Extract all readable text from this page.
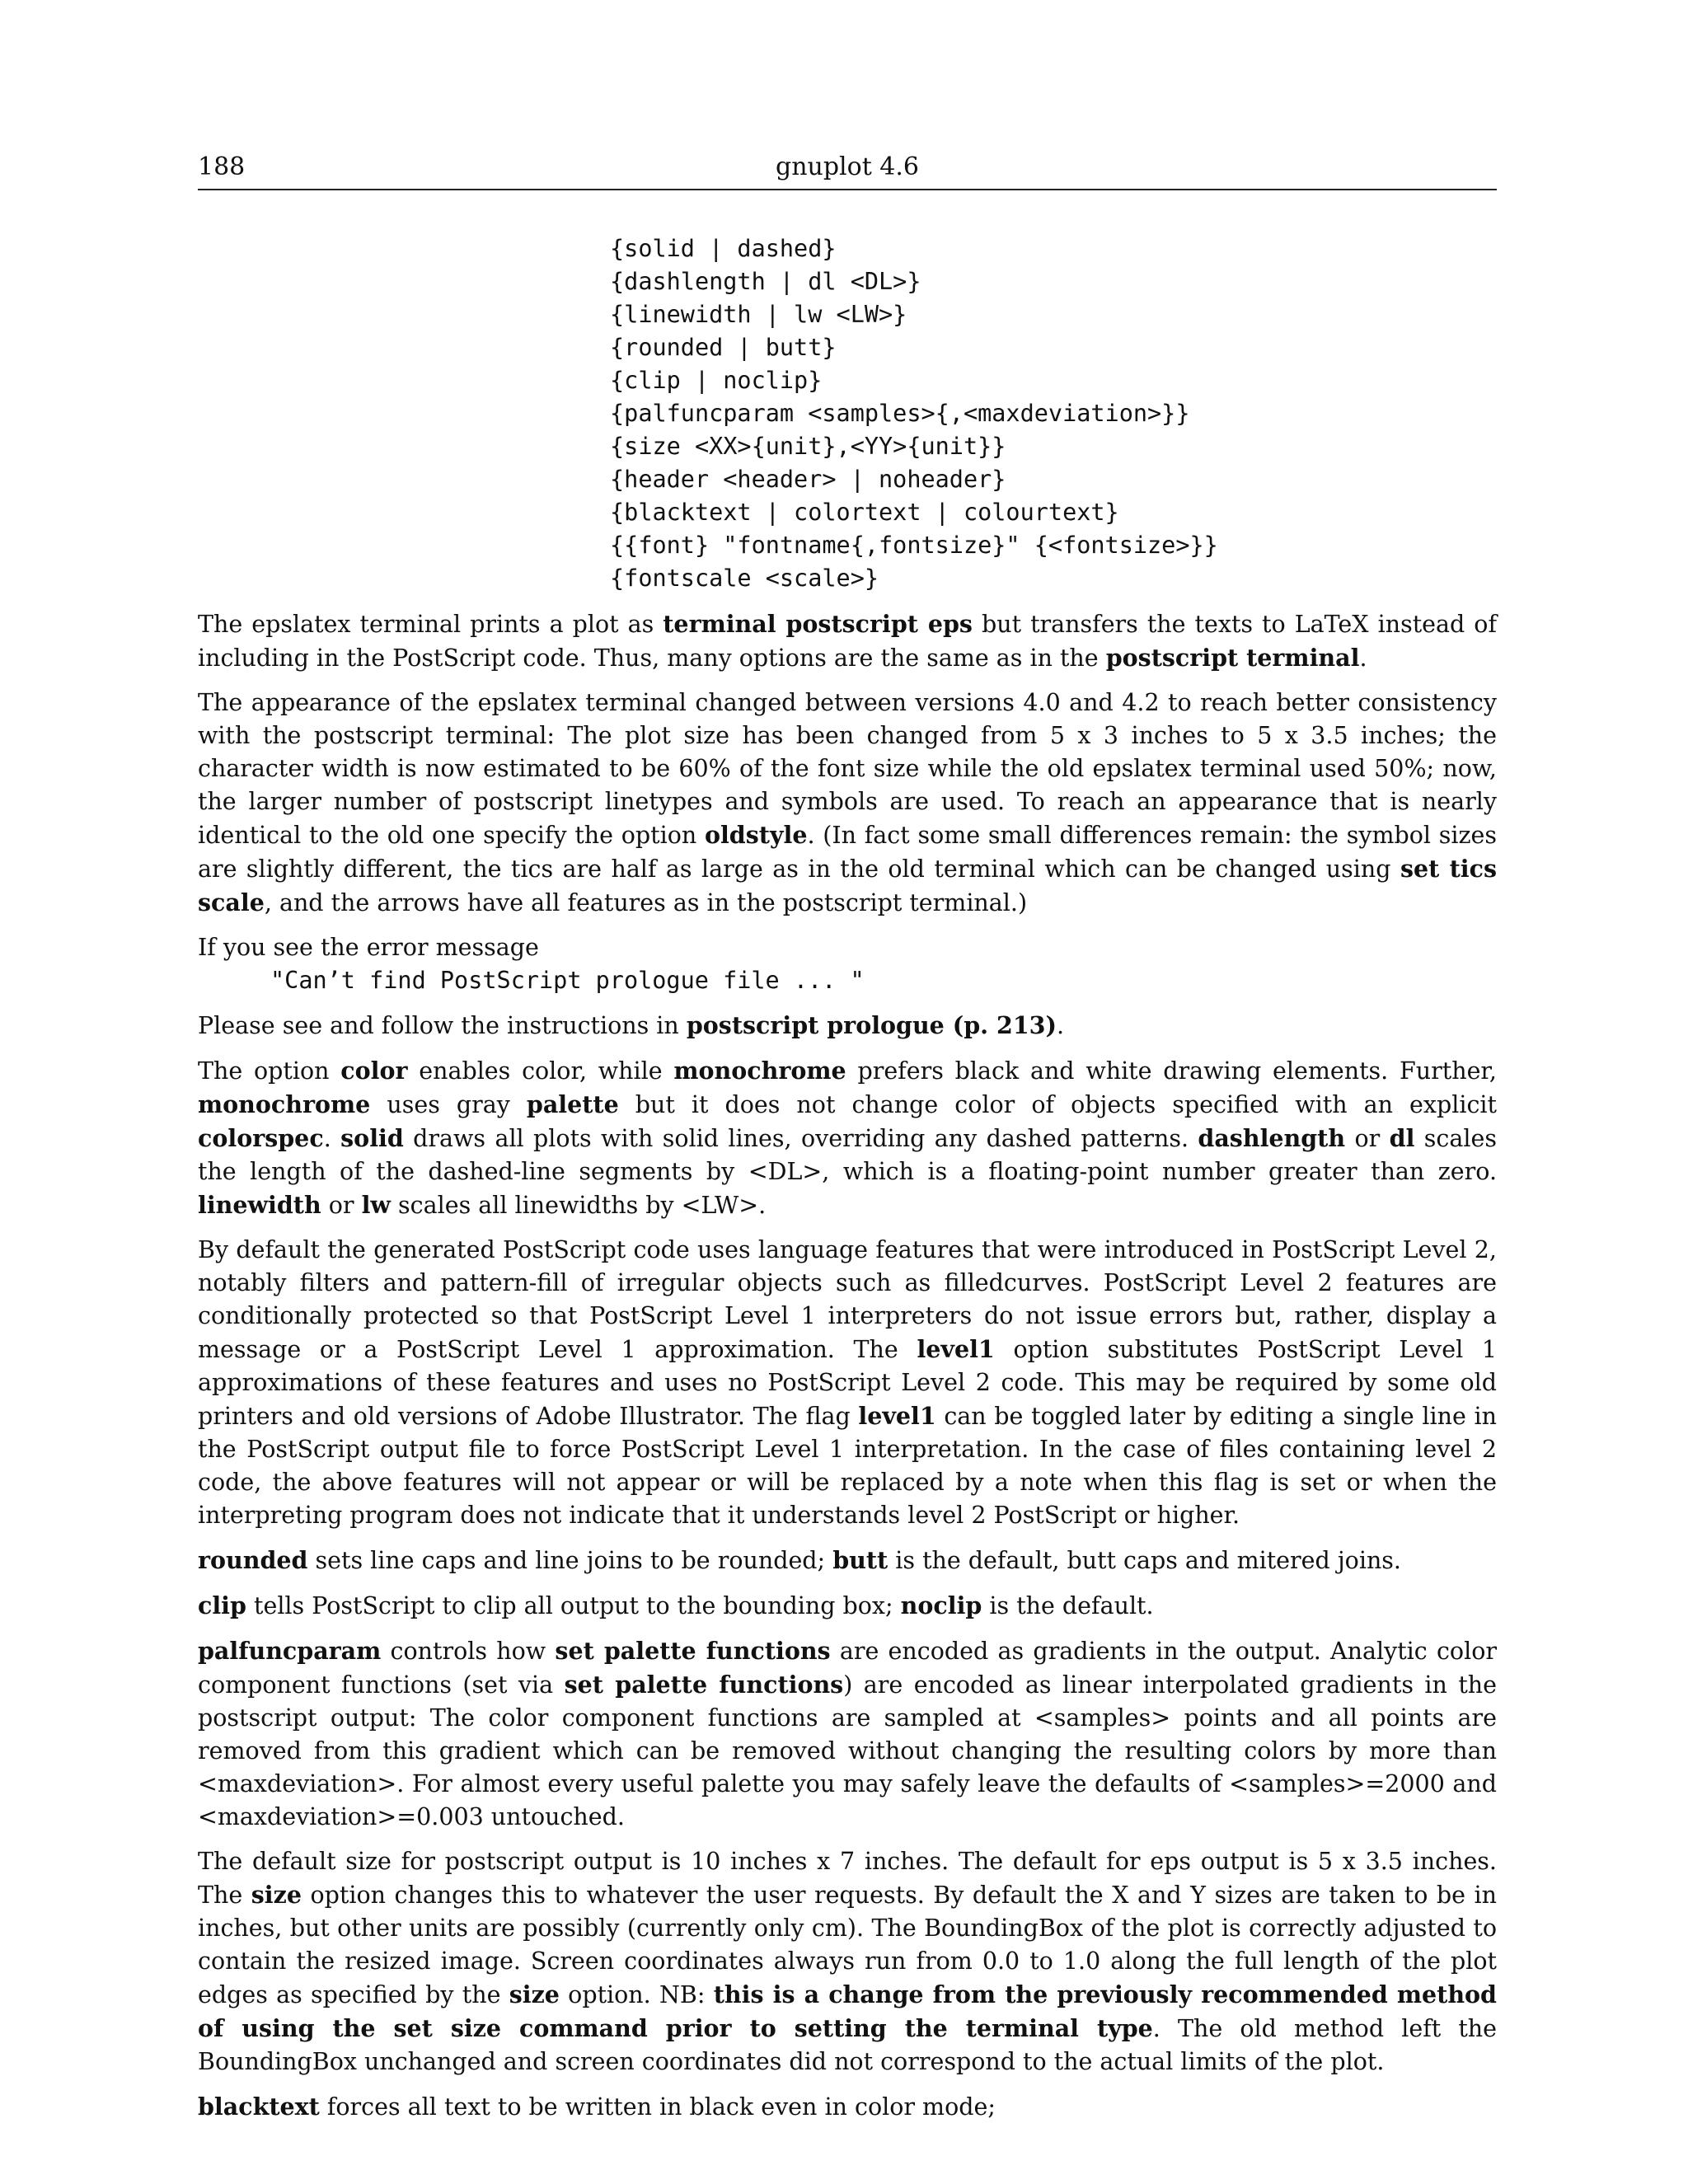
188	gnuplot 4.6
{solid | dashed}
{dashlength | dl <DL>}
{linewidth | lw <LW>}
{rounded | butt}
{clip | noclip}
{palfuncparam <samples>{,<maxdeviation>}}
{size <XX>{unit},<YY>{unit}}
{header <header> | noheader}
{blacktext | colortext | colourtext}
{{font} "fontname{,fontsize}" {<fontsize>}}
{fontscale <scale>}

The epslatex terminal prints a plot as terminal postscript eps but transfers the texts to LaTeX instead of including in the PostScript code. Thus, many options are the same as in the postscript terminal.

The appearance of the epslatex terminal changed between versions 4.0 and 4.2 to reach better consistency with the postscript terminal: The plot size has been changed from 5 x 3 inches to 5 x 3.5 inches; the character width is now estimated to be 60% of the font size while the old epslatex terminal used 50%; now, the larger number of postscript linetypes and symbols are used. To reach an appearance that is nearly identical to the old one specify the option oldstyle. (In fact some small differences remain: the symbol sizes are slightly different, the tics are half as large as in the old terminal which can be changed using set tics scale, and the arrows have all features as in the postscript terminal.)

If you see the error message

"Can’t find PostScript prologue file ... "

Please see and follow the instructions in postscript prologue (p. 213).

The option color enables color, while monochrome prefers black and white drawing elements. Further, monochrome uses gray palette but it does not change color of objects specified with an explicit colorspec. solid draws all plots with solid lines, overriding any dashed patterns. dashlength or dl scales the length of the dashed-line segments by <DL>, which is a floating-point number greater than zero. linewidth or lw scales all linewidths by <LW>.

By default the generated PostScript code uses language features that were introduced in PostScript Level 2, notably filters and pattern-fill of irregular objects such as filledcurves. PostScript Level 2 features are conditionally protected so that PostScript Level 1 interpreters do not issue errors but, rather, display a message or a PostScript Level 1 approximation. The level1 option substitutes PostScript Level 1 approximations of these features and uses no PostScript Level 2 code. This may be required by some old printers and old versions of Adobe Illustrator. The flag level1 can be toggled later by editing a single line in the PostScript output file to force PostScript Level 1 interpretation. In the case of files containing level 2 code, the above features will not appear or will be replaced by a note when this flag is set or when the interpreting program does not indicate that it understands level 2 PostScript or higher.

rounded sets line caps and line joins to be rounded; butt is the default, butt caps and mitered joins.

clip tells PostScript to clip all output to the bounding box; noclip is the default.

palfuncparam controls how set palette functions are encoded as gradients in the output. Analytic color component functions (set via set palette functions) are encoded as linear interpolated gradients in the postscript output: The color component functions are sampled at <samples> points and all points are removed from this gradient which can be removed without changing the resulting colors by more than <maxdeviation>. For almost every useful palette you may safely leave the defaults of <samples>=2000 and <maxdeviation>=0.003 untouched.

The default size for postscript output is 10 inches x 7 inches. The default for eps output is 5 x 3.5 inches. The size option changes this to whatever the user requests. By default the X and Y sizes are taken to be in inches, but other units are possibly (currently only cm). The BoundingBox of the plot is correctly adjusted to contain the resized image. Screen coordinates always run from 0.0 to 1.0 along the full length of the plot edges as specified by the size option. NB: this is a change from the previously recommended method of using the set size command prior to setting the terminal type. The old method left the BoundingBox unchanged and screen coordinates did not correspond to the actual limits of the plot.

blacktext forces all text to be written in black even in color mode;
